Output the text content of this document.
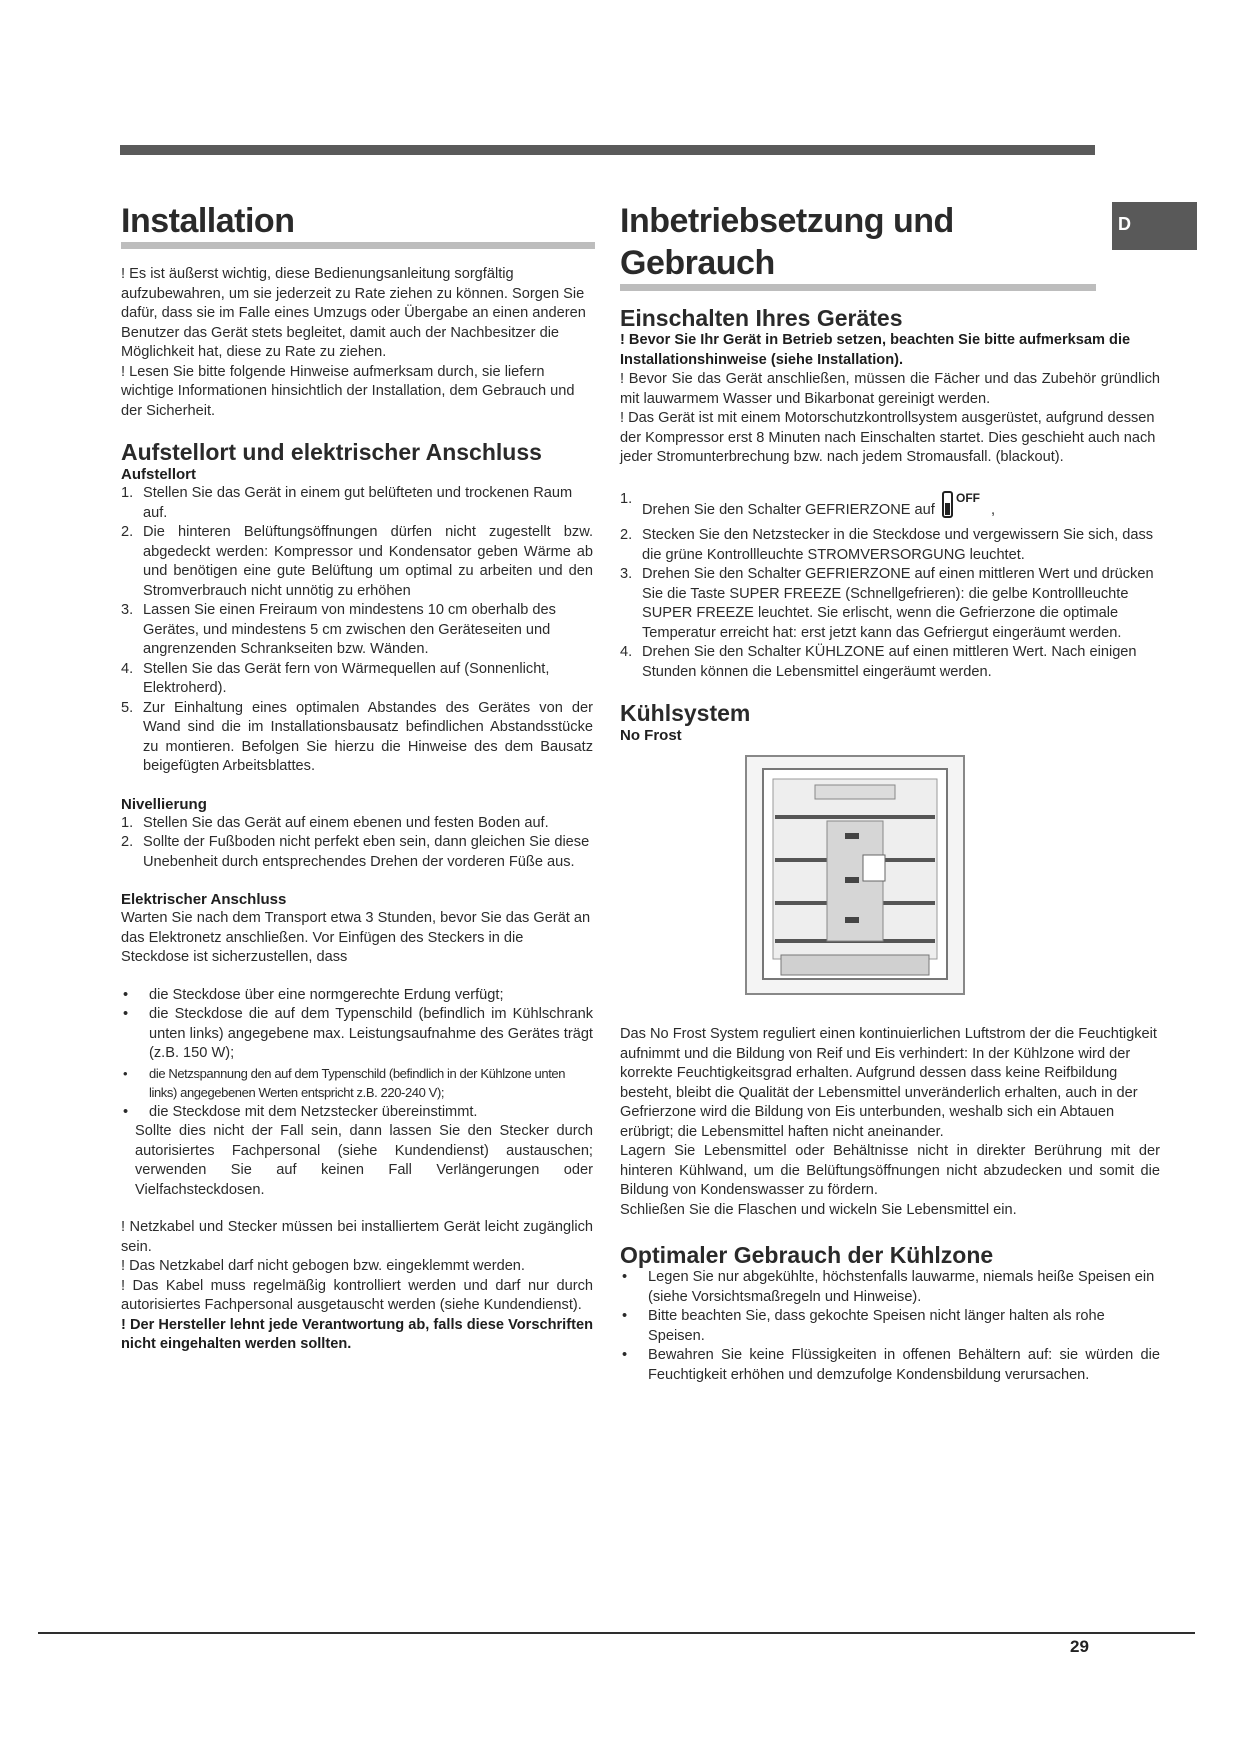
D
Installation

! Es ist äußerst wichtig, diese Bedienungsanleitung sorgfältig aufzubewahren, um sie jederzeit zu Rate ziehen zu können. Sorgen Sie dafür, dass sie im Falle eines Umzugs oder Übergabe an einen anderen Benutzer das Gerät stets begleitet, damit auch der Nachbesitzer die Möglichkeit hat, diese zu Rate zu ziehen.

! Lesen Sie bitte folgende Hinweise aufmerksam durch, sie liefern wichtige Informationen hinsichtlich der Installation, dem Gebrauch und der Sicherheit.

Aufstellort und elektrischer Anschluss
Aufstellort
1. Stellen Sie das Gerät in einem gut belüfteten und trockenen Raum auf.
2. Die hinteren Belüftungsöffnungen dürfen nicht zugestellt bzw. abgedeckt werden: Kompressor und Kondensator geben Wärme ab und benötigen eine gute Belüftung um optimal zu arbeiten und den Stromverbrauch nicht unnötig zu erhöhen
3. Lassen Sie einen Freiraum von mindestens 10 cm oberhalb des Gerätes, und mindestens 5 cm zwischen den Geräteseiten und angrenzenden Schrankseiten bzw. Wänden.
4. Stellen Sie das Gerät fern von Wärmequellen auf (Sonnenlicht, Elektroherd).
5. Zur Einhaltung eines optimalen Abstandes des Gerätes von der Wand sind die im Installationsbausatz befindlichen Abstandsstücke zu montieren. Befolgen Sie hierzu die Hinweise des dem Bausatz beigefügten Arbeitsblattes.
Nivellierung
1. Stellen Sie das Gerät auf einem ebenen und festen Boden auf.
2. Sollte der Fußboden nicht perfekt eben sein, dann gleichen Sie diese Unebenheit durch entsprechendes Drehen der vorderen Füße aus.
Elektrischer Anschluss

Warten Sie nach dem Transport etwa 3 Stunden, bevor Sie das Gerät an das Elektronetz anschließen. Vor Einfügen des Steckers in die Steckdose ist sicherzustellen, dass

• die Steckdose über eine normgerechte Erdung verfügt;
• die Steckdose die auf dem Typenschild (befindlich im Kühlschrank unten links) angegebene max. Leistungsaufnahme des Gerätes trägt (z.B. 150 W);
• die Netzspannung den auf dem Typenschild (befindlich in der Kühlzone unten links) angegebenen Werten entspricht z.B. 220-240 V);
• die Steckdose mit dem Netzstecker übereinstimmt.

Sollte dies nicht der Fall sein, dann lassen Sie den Stecker durch autorisiertes Fachpersonal (siehe Kundendienst) austauschen; verwenden Sie auf keinen Fall Verlängerungen oder Vielfachsteckdosen.

! Netzkabel und Stecker müssen bei installiertem Gerät leicht zugänglich sein.

! Das Netzkabel darf nicht gebogen bzw. eingeklemmt werden.

! Das Kabel muss regelmäßig kontrolliert werden und darf nur durch autorisiertes Fachpersonal ausgetauscht werden (siehe Kundendienst).

! Der Hersteller lehnt jede Verantwortung ab, falls diese Vorschriften nicht eingehalten werden sollten.

Inbetriebsetzung und Gebrauch
Einschalten Ihres Gerätes

! Bevor Sie Ihr Gerät in Betrieb setzen, beachten Sie bitte aufmerksam die Installationshinweise (siehe Installation).

! Bevor Sie das Gerät anschließen, müssen die Fächer und das Zubehör gründlich mit lauwarmem Wasser und Bikarbonat gereinigt werden.

! Das Gerät ist mit einem Motorschutzkontrollsystem ausgerüstet, aufgrund dessen der Kompressor erst 8 Minuten nach Einschalten startet. Dies geschieht auch nach jeder Stromunterbrechung bzw. nach jedem Stromausfall. (blackout).

1.
Drehen Sie den Schalter GEFRIERZONE auf
OFF
,
2. Stecken Sie den Netzstecker in die Steckdose und vergewissern Sie sich, dass die grüne Kontrollleuchte STROMVERSORGUNG leuchtet.
3. Drehen Sie den Schalter GEFRIERZONE auf einen mittleren Wert und drücken Sie die Taste SUPER FREEZE (Schnellgefrieren): die gelbe Kontrollleuchte SUPER FREEZE leuchtet. Sie erlischt, wenn die Gefrierzone die optimale Temperatur erreicht hat: erst jetzt kann das Gefriergut eingeräumt werden.
4. Drehen Sie den Schalter KÜHLZONE auf einen mittleren Wert. Nach einigen Stunden können die Lebensmittel eingeräumt werden.
Kühlsystem
No Frost

Das No Frost System reguliert einen kontinuierlichen Luftstrom der die Feuchtigkeit aufnimmt und die Bildung von Reif und Eis verhindert: In der Kühlzone wird der korrekte Feuchtigkeitsgrad erhalten. Aufgrund dessen dass keine Reifbildung besteht, bleibt die Qualität der Lebensmittel unveränderlich erhalten, auch in der Gefrierzone wird die Bildung von Eis unterbunden, weshalb sich ein Abtauen erübrigt; die Lebensmittel haften nicht aneinander.

Lagern Sie Lebensmittel oder Behältnisse nicht in direkter Berührung mit der hinteren Kühlwand, um die Belüftungsöffnungen nicht abzudecken und somit die Bildung von Kondenswasser zu fördern.

Schließen Sie die Flaschen und wickeln Sie Lebensmittel ein.

Optimaler Gebrauch der Kühlzone
• Legen Sie nur abgekühlte, höchstenfalls lauwarme, niemals heiße Speisen ein (siehe Vorsichtsmaßregeln und Hinweise).
• Bitte beachten Sie, dass gekochte Speisen nicht länger halten als rohe Speisen.
• Bewahren Sie keine Flüssigkeiten in offenen Behältern auf: sie würden die Feuchtigkeit erhöhen und demzufolge Kondensbildung verursachen.
29
